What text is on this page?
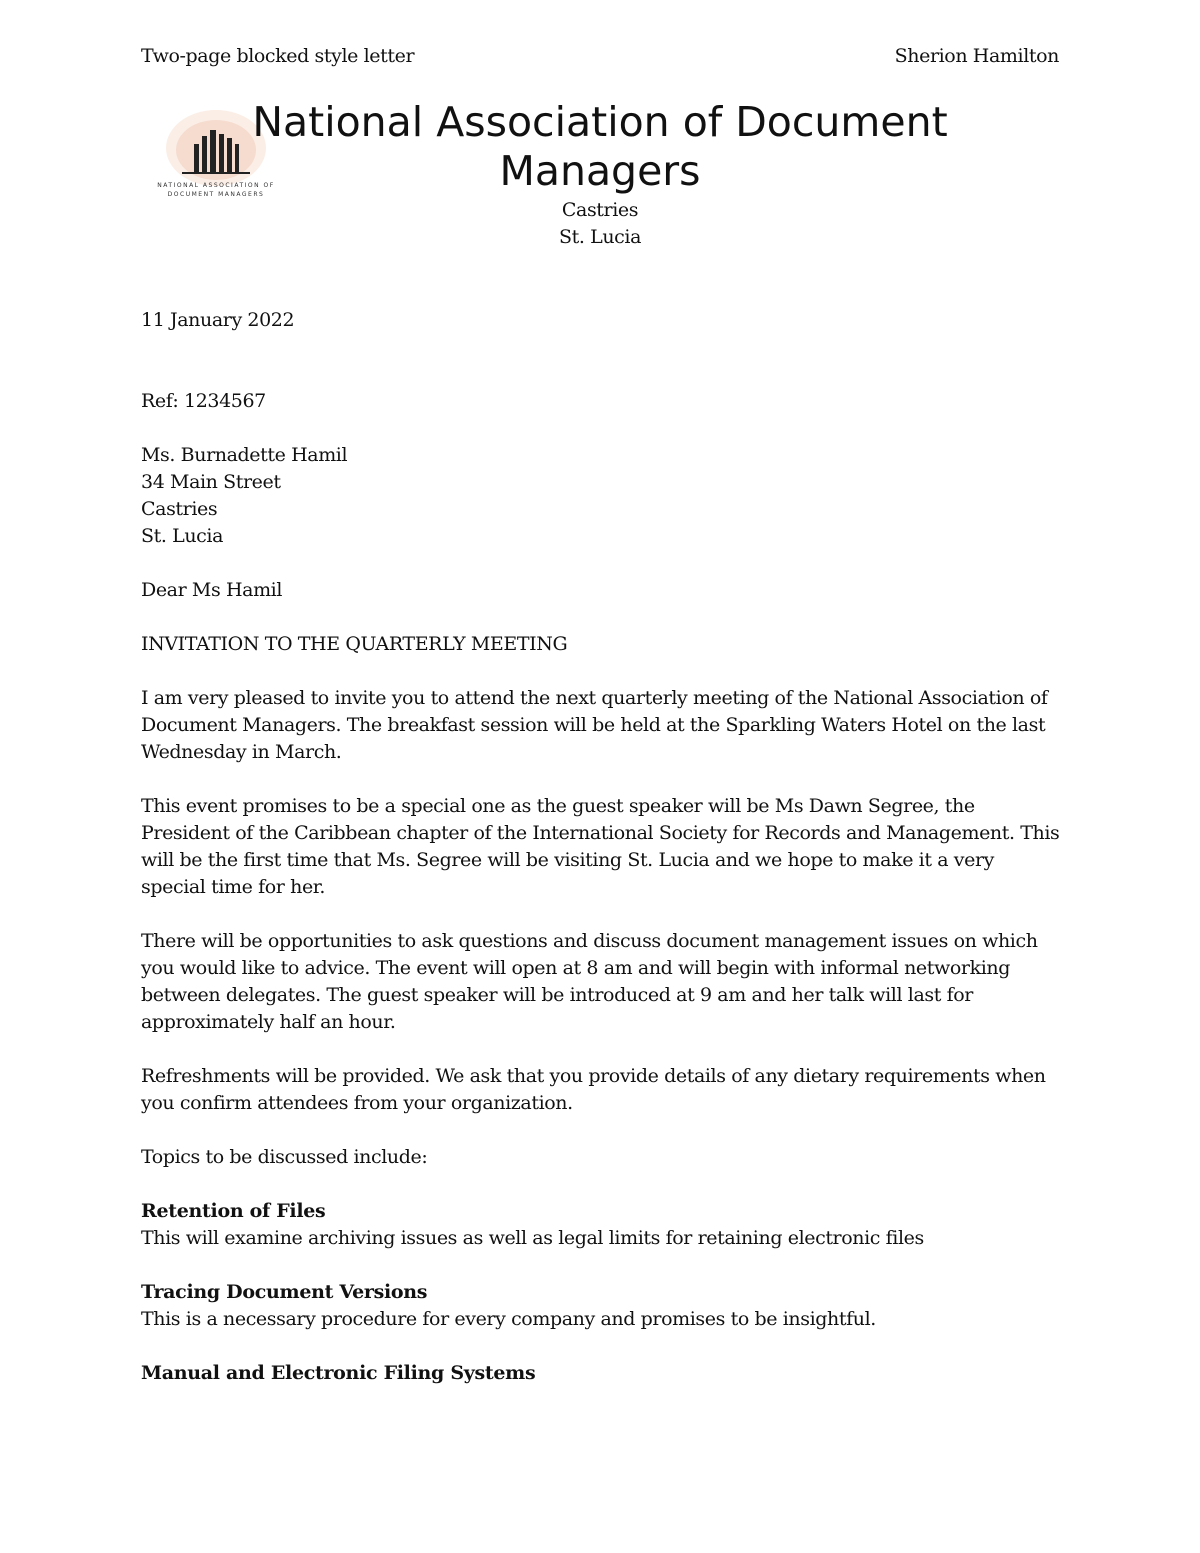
Two-page blocked style letter	Sherion Hamilton
NATIONAL ASSOCIATION OF
DOCUMENT MANAGERS
National Association of Document Managers
Castries
St. Lucia

11 January 2022

Ref: 1234567

Ms. Burnadette Hamil

34 Main Street

Castries

St. Lucia

Dear Ms Hamil

INVITATION TO THE QUARTERLY MEETING

I am very pleased to invite you to attend the next quarterly meeting of the National Association of Document Managers. The breakfast session will be held at the Sparkling Waters Hotel on the last Wednesday in March.

This event promises to be a special one as the guest speaker will be Ms Dawn Segree, the President of the Caribbean chapter of the International Society for Records and Management. This will be the first time that Ms. Segree will be visiting St. Lucia and we hope to make it a very special time for her.

There will be opportunities to ask questions and discuss document management issues on which you would like to advice. The event will open at 8 am and will begin with informal networking between delegates. The guest speaker will be introduced at 9 am and her talk will last for approximately half an hour.

Refreshments will be provided. We ask that you provide details of any dietary requirements when you confirm attendees from your organization.

Topics to be discussed include:

Retention of Files

This will examine archiving issues as well as legal limits for retaining electronic files

Tracing Document Versions

This is a necessary procedure for every company and promises to be insightful.

Manual and Electronic Filing Systems
